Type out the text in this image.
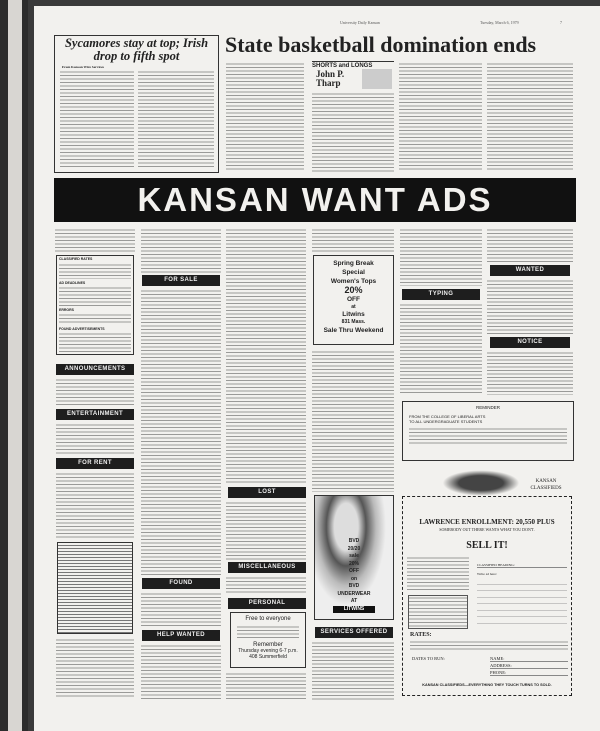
University Daily Kansan	Tuesday, March 6, 1979	7
Sycamores stay at top; Irish drop to fifth spot
From Kansan Wire Services
State basketball domination ends
SHORTS and LONGS
John P. Tharp
KANSAN WANT ADS
CLASSIFIED RATES
AD DEADLINES
ERRORS
FOUND ADVERTISEMENTS
ANNOUNCEMENTS
ENTERTAINMENT
FOR RENT
FOR SALE
FOUND
HELP WANTED
LOST
MISCELLANEOUS
PERSONAL
Free to everyone
Remember
Thursday evening 6-7 p.m.
408 Summerfield
Spring Break
Special
Women's Tops
20%
OFF
at
Litwins
831 Mass.
Sale Thru Weekend
BVD
20/20
sale
20%
OFF
on
BVD
UNDERWEAR
AT
LITWINS
SERVICES OFFERED
TYPING
WANTED
NOTICE
REMINDER
FROM THE COLLEGE OF LIBERAL ARTS
TO ALL UNDERGRADUATE STUDENTS
KANSAN CLASSIFIEDS
LAWRENCE ENROLLMENT: 20,550 PLUS
SOMEBODY OUT THERE WANTS WHAT YOU DON'T.
SELL IT!
CLASSIFIED HEADING:
Write ad here:
RATES:
DATES TO RUN:	NAME:
ADDRESS:
PHONE:
KANSAN CLASSIFIEDS—EVERYTHING THEY TOUCH TURNS TO SOLD.
